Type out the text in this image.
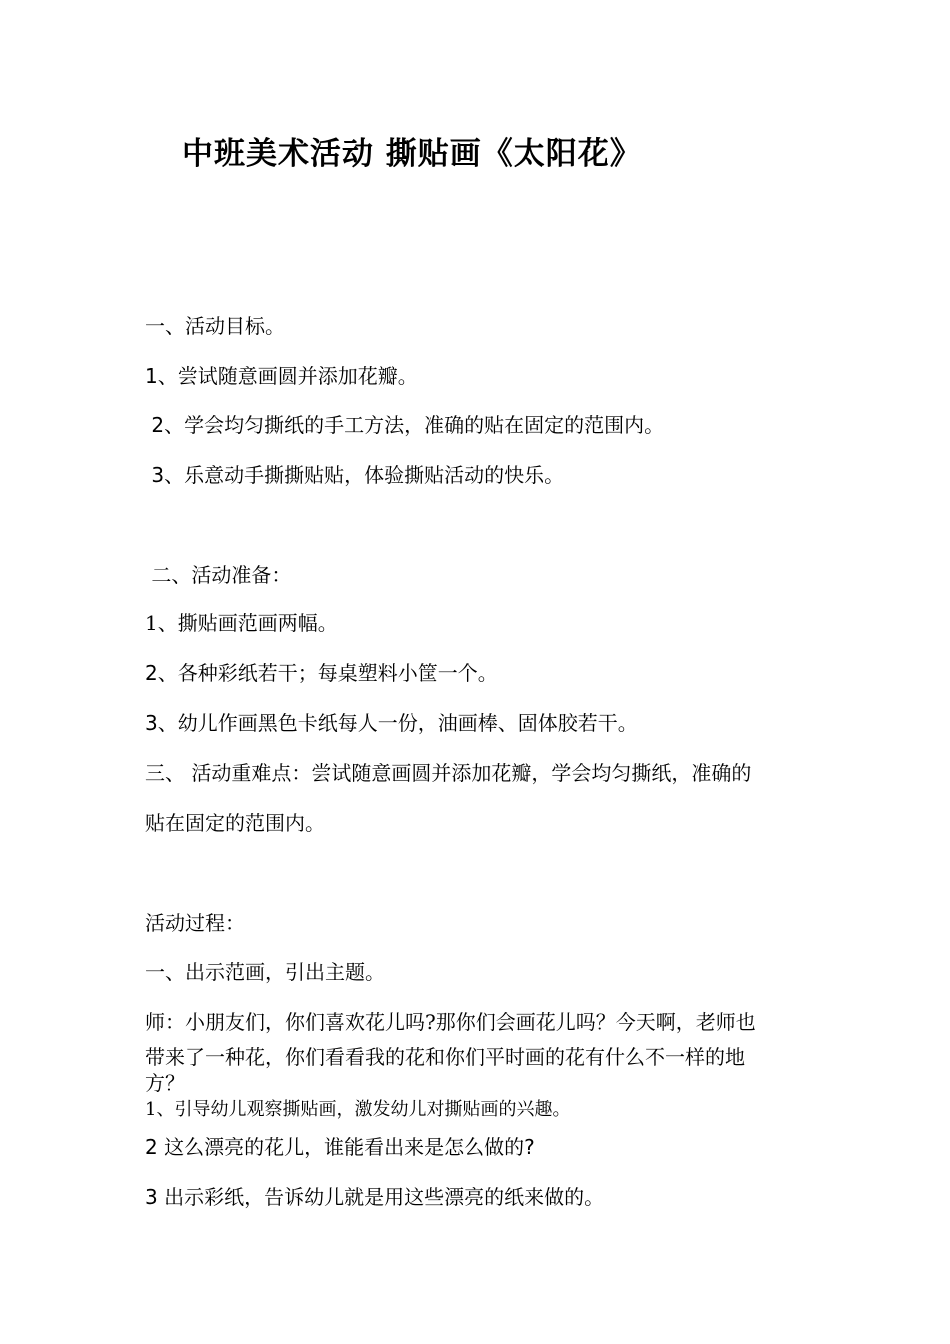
中班美术活动 撕贴画《太阳花》
一、活动目标。
1、尝试随意画圆并添加花瓣。
2、学会均匀撕纸的手工方法，准确的贴在固定的范围内。
3、乐意动手撕撕贴贴，体验撕贴活动的快乐。
二、活动准备：
1、撕贴画范画两幅。
2、各种彩纸若干；每桌塑料小筐一个。
3、幼儿作画黑色卡纸每人一份，油画棒、固体胶若干。
三、 活动重难点：尝试随意画圆并添加花瓣，学会均匀撕纸，准确的
贴在固定的范围内。
活动过程：
一、出示范画，引出主题。
师：小朋友们，你们喜欢花儿吗?那你们会画花儿吗？今天啊，老师也
带来了一种花，你们看看我的花和你们平时画的花有什么不一样的地
方？
1、引导幼儿观察撕贴画，激发幼儿对撕贴画的兴趣。
2 这么漂亮的花儿，谁能看出来是怎么做的?
3 出示彩纸，告诉幼儿就是用这些漂亮的纸来做的。
